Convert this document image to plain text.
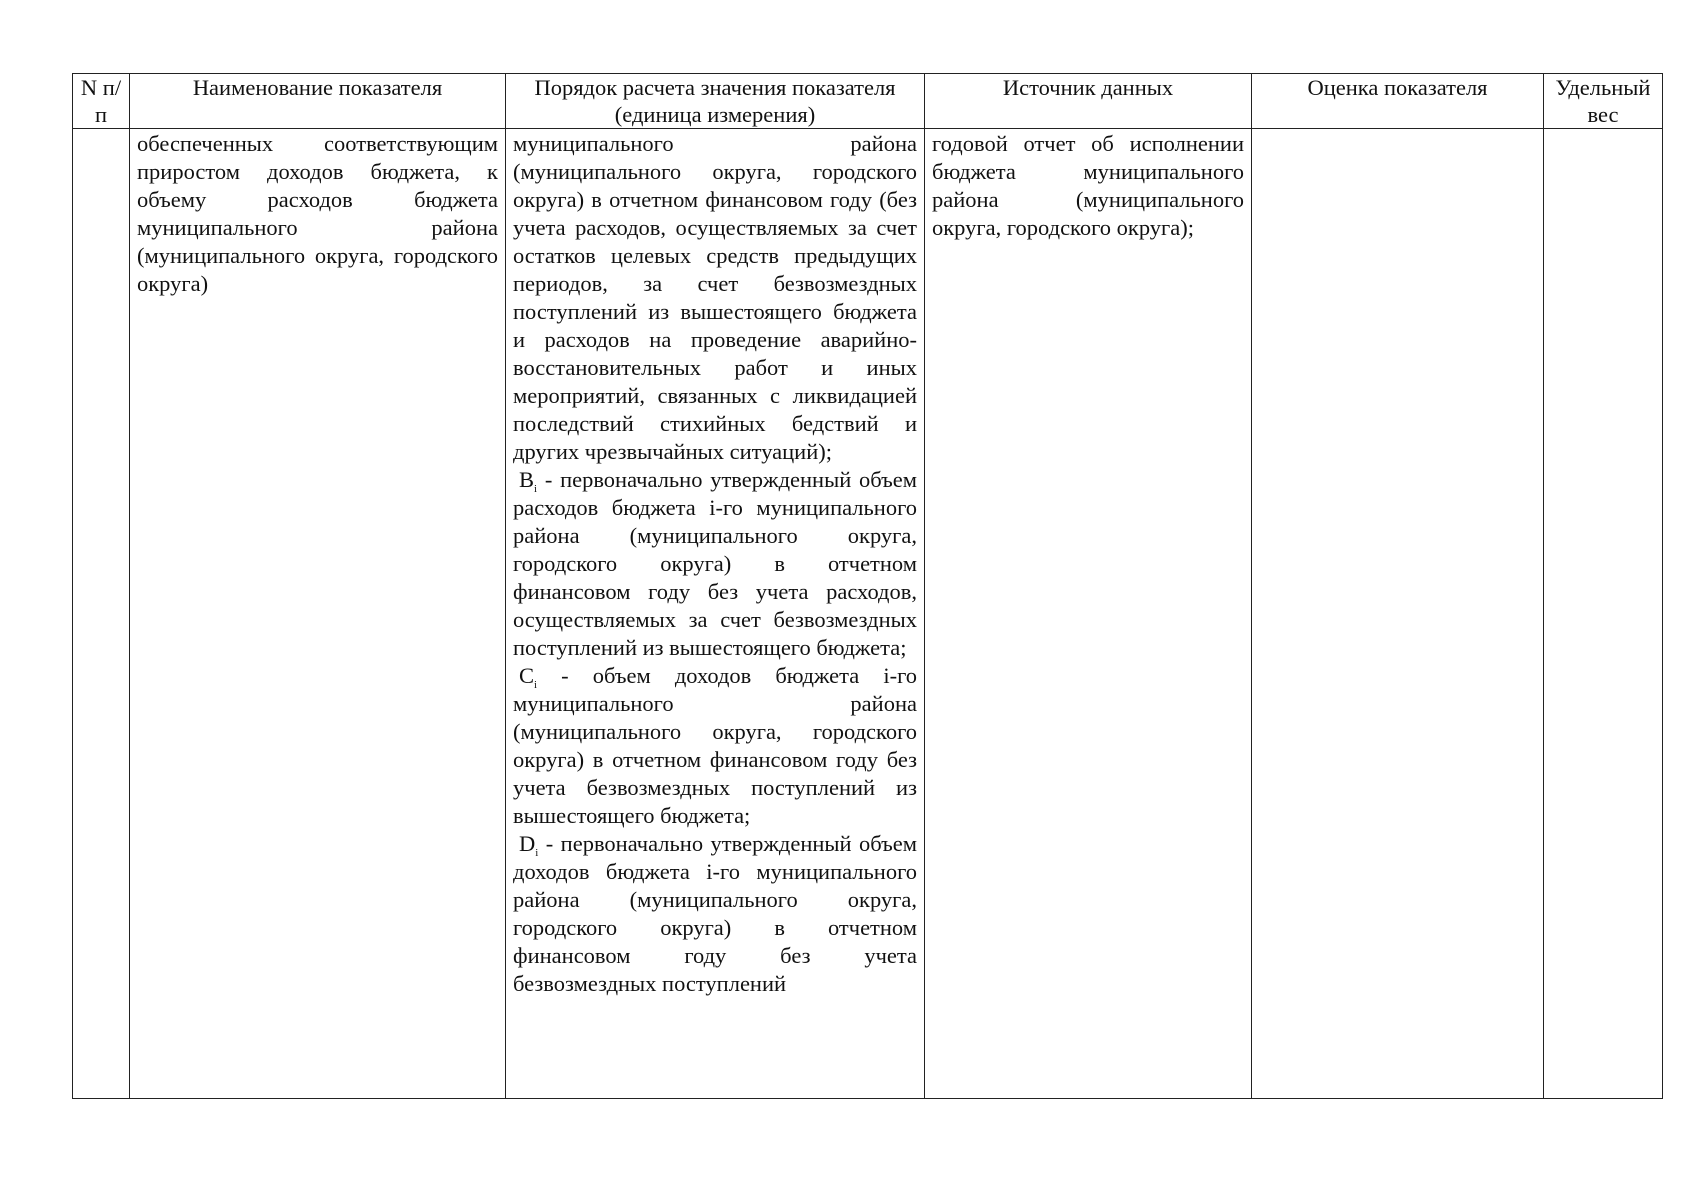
N п/п	Наименование показателя	Порядок расчета значения показателя (единица измерения)	Источник данных	Оценка показателя	Удельный вес

	обеспеченных соответствующим приростом доходов бюджета, к объему расходов бюджета муниципального района (муниципального округа, городского округа)	муниципального района (муниципального округа, городского округа) в отчетном финансовом году (без учета расходов, осуществляемых за счет остатков целевых средств предыдущих периодов, за счет безвозмездных поступлений из вышестоящего бюджета и расходов на проведение аварийно-восстановительных работ и иных мероприятий, связанных с ликвидацией последствий стихийных бедствий и других чрезвычайных ситуаций);
$B_i$ - первоначально утвержденный объем расходов бюджета i-го муниципального района (муниципального округа, городского округа) в отчетном финансовом году без учета расходов, осуществляемых за счет безвозмездных поступлений из вышестоящего бюджета;
$C_i$ - объем доходов бюджета i-го муниципального района (муниципального округа, городского округа) в отчетном финансовом году без учета безвозмездных поступлений из вышестоящего бюджета;
$D_i$ - первоначально утвержденный объем доходов бюджета i-го муниципального района (муниципального округа, городского округа) в отчетном финансовом году без учета безвозмездных поступлений	годовой отчет об исполнении бюджета муниципального района (муниципального округа, городского округа);		
